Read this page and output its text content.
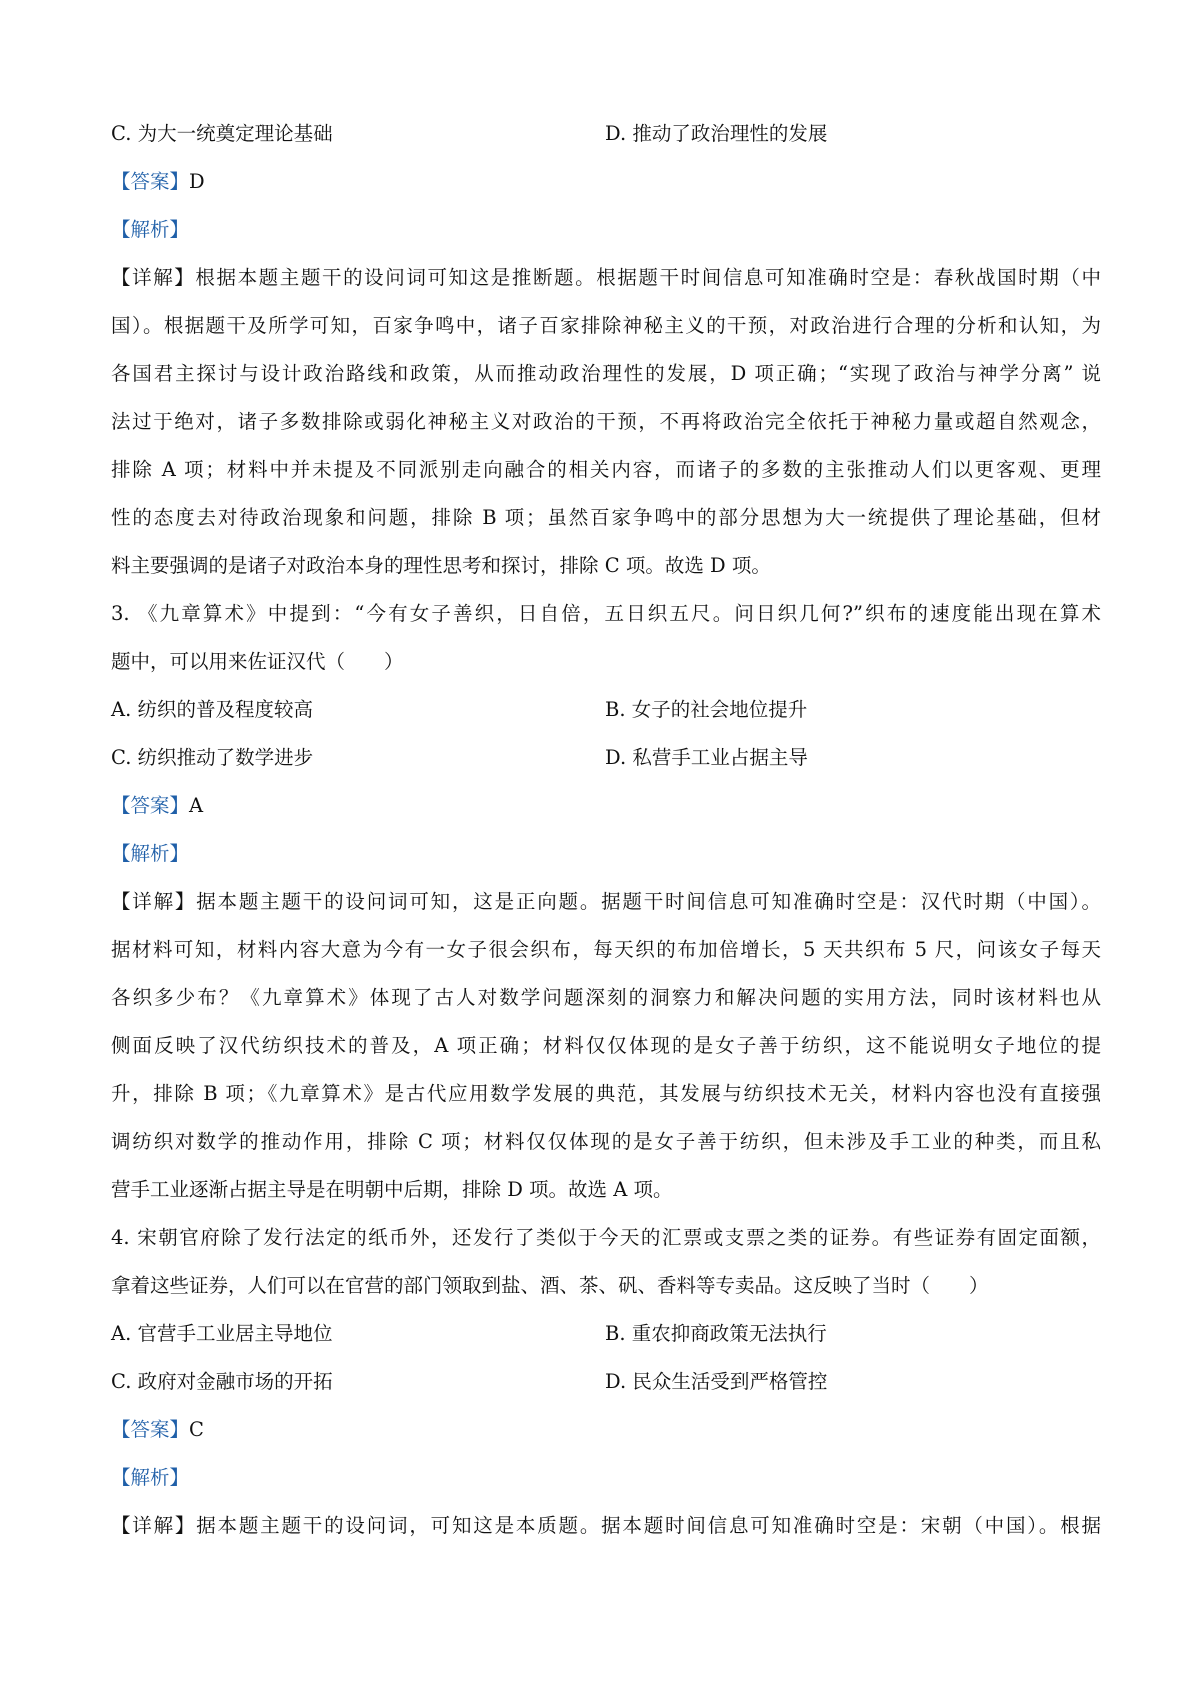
C. 为大一统奠定理论基础	D. 推动了政治理性的发展
【答案】D
【解析】
【详解】根据本题主题干的设问词可知这是推断题。根据题干时间信息可知准确时空是：春秋战国时期（中
国）。根据题干及所学可知，百家争鸣中，诸子百家排除神秘主义的干预，对政治进行合理的分析和认知，为
各国君主探讨与设计政治路线和政策，从而推动政治理性的发展，D 项正确；“实现了政治与神学分离” 说
法过于绝对，诸子多数排除或弱化神秘主义对政治的干预，不再将政治完全依托于神秘力量或超自然观念，
排除 A 项；材料中并未提及不同派别走向融合的相关内容，而诸子的多数的主张推动人们以更客观、更理
性的态度去对待政治现象和问题，排除 B 项；虽然百家争鸣中的部分思想为大一统提供了理论基础，但材
料主要强调的是诸子对政治本身的理性思考和探讨，排除 C 项。故选 D 项。
3. 《九章算术》中提到：“今有女子善织，日自倍，五日织五尺。问日织几何?”织布的速度能出现在算术
题中，可以用来佐证汉代（　　）
A. 纺织的普及程度较高	B. 女子的社会地位提升
C. 纺织推动了数学进步	D. 私营手工业占据主导
【答案】A
【解析】
【详解】据本题主题干的设问词可知，这是正向题。据题干时间信息可知准确时空是：汉代时期（中国）。
据材料可知，材料内容大意为今有一女子很会织布，每天织的布加倍增长，5 天共织布 5 尺，问该女子每天
各织多少布？《九章算术》体现了古人对数学问题深刻的洞察力和解决问题的实用方法，同时该材料也从
侧面反映了汉代纺织技术的普及，A 项正确；材料仅仅体现的是女子善于纺织，这不能说明女子地位的提
升，排除 B 项；《九章算术》是古代应用数学发展的典范，其发展与纺织技术无关，材料内容也没有直接强
调纺织对数学的推动作用，排除 C 项；材料仅仅体现的是女子善于纺织，但未涉及手工业的种类，而且私
营手工业逐渐占据主导是在明朝中后期，排除 D 项。故选 A 项。
4. 宋朝官府除了发行法定的纸币外，还发行了类似于今天的汇票或支票之类的证券。有些证券有固定面额，
拿着这些证券，人们可以在官营的部门领取到盐、酒、茶、矾、香料等专卖品。这反映了当时（　　）
A. 官营手工业居主导地位	B. 重农抑商政策无法执行
C. 政府对金融市场的开拓	D. 民众生活受到严格管控
【答案】C
【解析】
【详解】据本题主题干的设问词，可知这是本质题。据本题时间信息可知准确时空是：宋朝（中国）。根据
